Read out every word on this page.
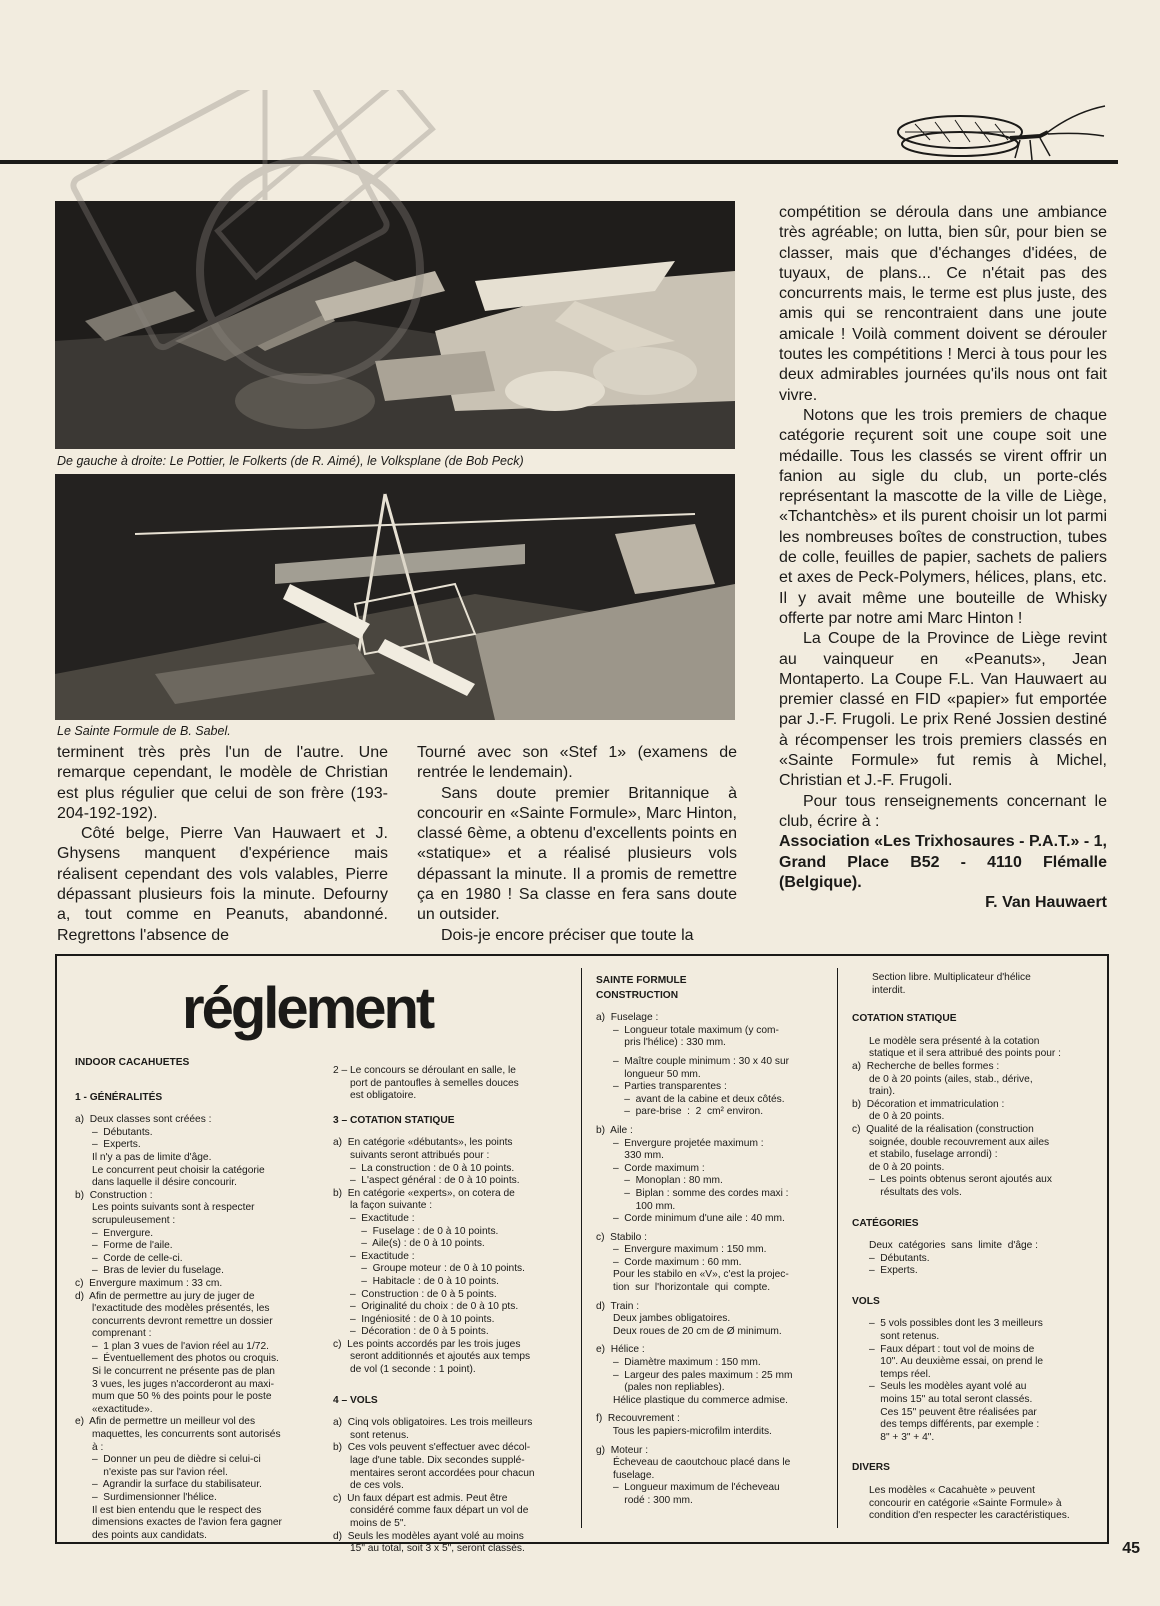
De gauche à droite: Le Pottier, le Folkerts (de R. Aimé), le Volksplane (de Bob Peck)
Le Sainte Formule de B. Sabel.

terminent très près l'un de l'autre. Une remarque cependant, le modèle de Christian est plus régulier que celui de son frère (193-204-192-192).

Côté belge, Pierre Van Hauwaert et J. Ghysens manquent d'expérience mais réalisent cependant des vols valables, Pierre dépassant plusieurs fois la minute. Defourny a, tout comme en Peanuts, abandonné. Regrettons l'absence de

Tourné avec son «Stef 1» (examens de rentrée le lendemain).

Sans doute premier Britannique à concourir en «Sainte Formule», Marc Hinton, classé 6ème, a obtenu d'excellents points en «statique» et a réalisé plusieurs vols dépassant la minute. Il a promis de remettre ça en 1980 ! Sa classe en fera sans doute un outsider.

Dois-je encore préciser que toute la

compétition se déroula dans une ambiance très agréable; on lutta, bien sûr, pour bien se classer, mais que d'échanges d'idées, de tuyaux, de plans... Ce n'était pas des concurrents mais, le terme est plus juste, des amis qui se rencontraient dans une joute amicale ! Voilà comment doivent se dérouler toutes les compétitions ! Merci à tous pour les deux admirables journées qu'ils nous ont fait vivre.

Notons que les trois premiers de chaque catégorie reçurent soit une coupe soit une médaille. Tous les classés se virent offrir un fanion au sigle du club, un porte-clés représentant la mascotte de la ville de Liège, «Tchantchès» et ils purent choisir un lot parmi les nombreuses boîtes de construction, tubes de colle, feuilles de papier, sachets de paliers et axes de Peck-Polymers, hélices, plans, etc. Il y avait même une bouteille de Whisky offerte par notre ami Marc Hinton !

La Coupe de la Province de Liège revint au vainqueur en «Peanuts», Jean Montaperto. La Coupe F.L. Van Hauwaert au premier classé en FID «papier» fut emportée par J.-F. Frugoli. Le prix René Jossien destiné à récompenser les trois premiers classés en «Sainte Formule» fut remis à Michel, Christian et J.-F. Frugoli.

Pour tous renseignements concernant le club, écrire à :

Association «Les Trixhosaures - P.A.T.» - 1, Grand Place B52 - 4110 Flémalle (Belgique).

F. Van Hauwaert

réglement
INDOOR CACAHUETES
1 - GÉNÉRALITÉS
a)  Deux classes sont créées :
–  Débutants.
–  Experts.
Il n'y a pas de limite d'âge.
Le concurrent peut choisir la catégorie
dans laquelle il désire concourir.
b)  Construction :
Les points suivants sont à respecter
scrupuleusement :
–  Envergure.
–  Forme de l'aile.
–  Corde de celle-ci.
–  Bras de levier du fuselage.
c)  Envergure maximum : 33 cm.
d)  Afin de permettre au jury de juger de
l'exactitude des modèles présentés, les
concurrents devront remettre un dossier
comprenant :
–  1 plan 3 vues de l'avion réel au 1/72.
–  Éventuellement des photos ou croquis.
Si le concurrent ne présente pas de plan
3 vues, les juges n'accorderont au maxi-
mum que 50 % des points pour le poste
«exactitude».
e)  Afin de permettre un meilleur vol des
maquettes, les concurrents sont autorisés
à :
–  Donner un peu de dièdre si celui-ci
n'existe pas sur l'avion réel.
–  Agrandir la surface du stabilisateur.
–  Surdimensionner l'hélice.
Il est bien entendu que le respect des
dimensions exactes de l'avion fera gagner
des points aux candidats.
2 – Le concours se déroulant en salle, le
port de pantoufles à semelles douces
est obligatoire.
3 – COTATION STATIQUE
a)  En catégorie «débutants», les points
suivants seront attribués pour :
–  La construction : de 0 à 10 points.
–  L'aspect général : de 0 à 10 points.
b)  En catégorie «experts», on cotera de
la façon suivante :
–  Exactitude :
–  Fuselage : de 0 à 10 points.
–  Aile(s) : de 0 à 10 points.
–  Exactitude :
–  Groupe moteur : de 0 à 10 points.
–  Habitacle : de 0 à 10 points.
–  Construction : de 0 à 5 points.
–  Originalité du choix : de 0 à 10 pts.
–  Ingéniosité : de 0 à 10 points.
–  Décoration : de 0 à 5 points.
c)  Les points accordés par les trois juges
seront additionnés et ajoutés aux temps
de vol (1 seconde : 1 point).
4 – VOLS
a)  Cinq vols obligatoires. Les trois meilleurs
sont retenus.
b)  Ces vols peuvent s'effectuer avec décol-
lage d'une table. Dix secondes supplé-
mentaires seront accordées pour chacun
de ces vols.
c)  Un faux départ est admis. Peut être
considéré comme faux départ un vol de
moins de 5".
d)  Seuls les modèles ayant volé au moins
15" au total, soit 3 x 5", seront classés.
SAINTE FORMULE
CONSTRUCTION
a)  Fuselage :
–  Longueur totale maximum (y com-
pris l'hélice) : 330 mm.

–  Maître couple minimum : 30 x 40 sur
longueur 50 mm.
–  Parties transparentes :
–  avant de la cabine et deux côtés.
–  pare-brise  :  2  cm² environ.

b)  Aile :
–  Envergure projetée maximum :
330 mm.
–  Corde maximum :
–  Monoplan : 80 mm.
–  Biplan : somme des cordes maxi :
100 mm.
–  Corde minimum d'une aile : 40 mm.

c)  Stabilo :
–  Envergure maximum : 150 mm.
–  Corde maximum : 60 mm.
Pour les stabilo en «V», c'est la projec-
tion  sur  l'horizontale  qui  compte.

d)  Train :
Deux jambes obligatoires.
Deux roues de 20 cm de Ø minimum.

e)  Hélice :
–  Diamètre maximum : 150 mm.
–  Largeur des pales maximum : 25 mm
(pales non repliables).
Hélice plastique du commerce admise.

f)  Recouvrement :
Tous les papiers-microfilm interdits.

g)  Moteur :
Écheveau de caoutchouc placé dans le
fuselage.
–  Longueur maximum de l'écheveau
rodé : 300 mm.
Section libre. Multiplicateur d'hélice
interdit.
COTATION STATIQUE
Le modèle sera présenté à la cotation
statique et il sera attribué des points pour :
a)  Recherche de belles formes :
de 0 à 20 points (ailes, stab., dérive,
train).
b)  Décoration et immatriculation :
de 0 à 20 points.
c)  Qualité de la réalisation (construction
soignée, double recouvrement aux ailes
et stabilo, fuselage arrondi) :
de 0 à 20 points.
–  Les points obtenus seront ajoutés aux
résultats des vols.
CATÉGORIES
Deux  catégories  sans  limite  d'âge :
–  Débutants.
–  Experts.
VOLS
–  5 vols possibles dont les 3 meilleurs
sont retenus.
–  Faux départ : tout vol de moins de
10". Au deuxième essai, on prend le
temps réel.
–  Seuls les modèles ayant volé au
moins 15" au total seront classés.
Ces 15" peuvent être réalisées par
des temps différents, par exemple :
8" + 3" + 4".
DIVERS
Les modèles « Cacahuète » peuvent
concourir en catégorie «Sainte Formule» à
condition d'en respecter les caractéristiques.
45
